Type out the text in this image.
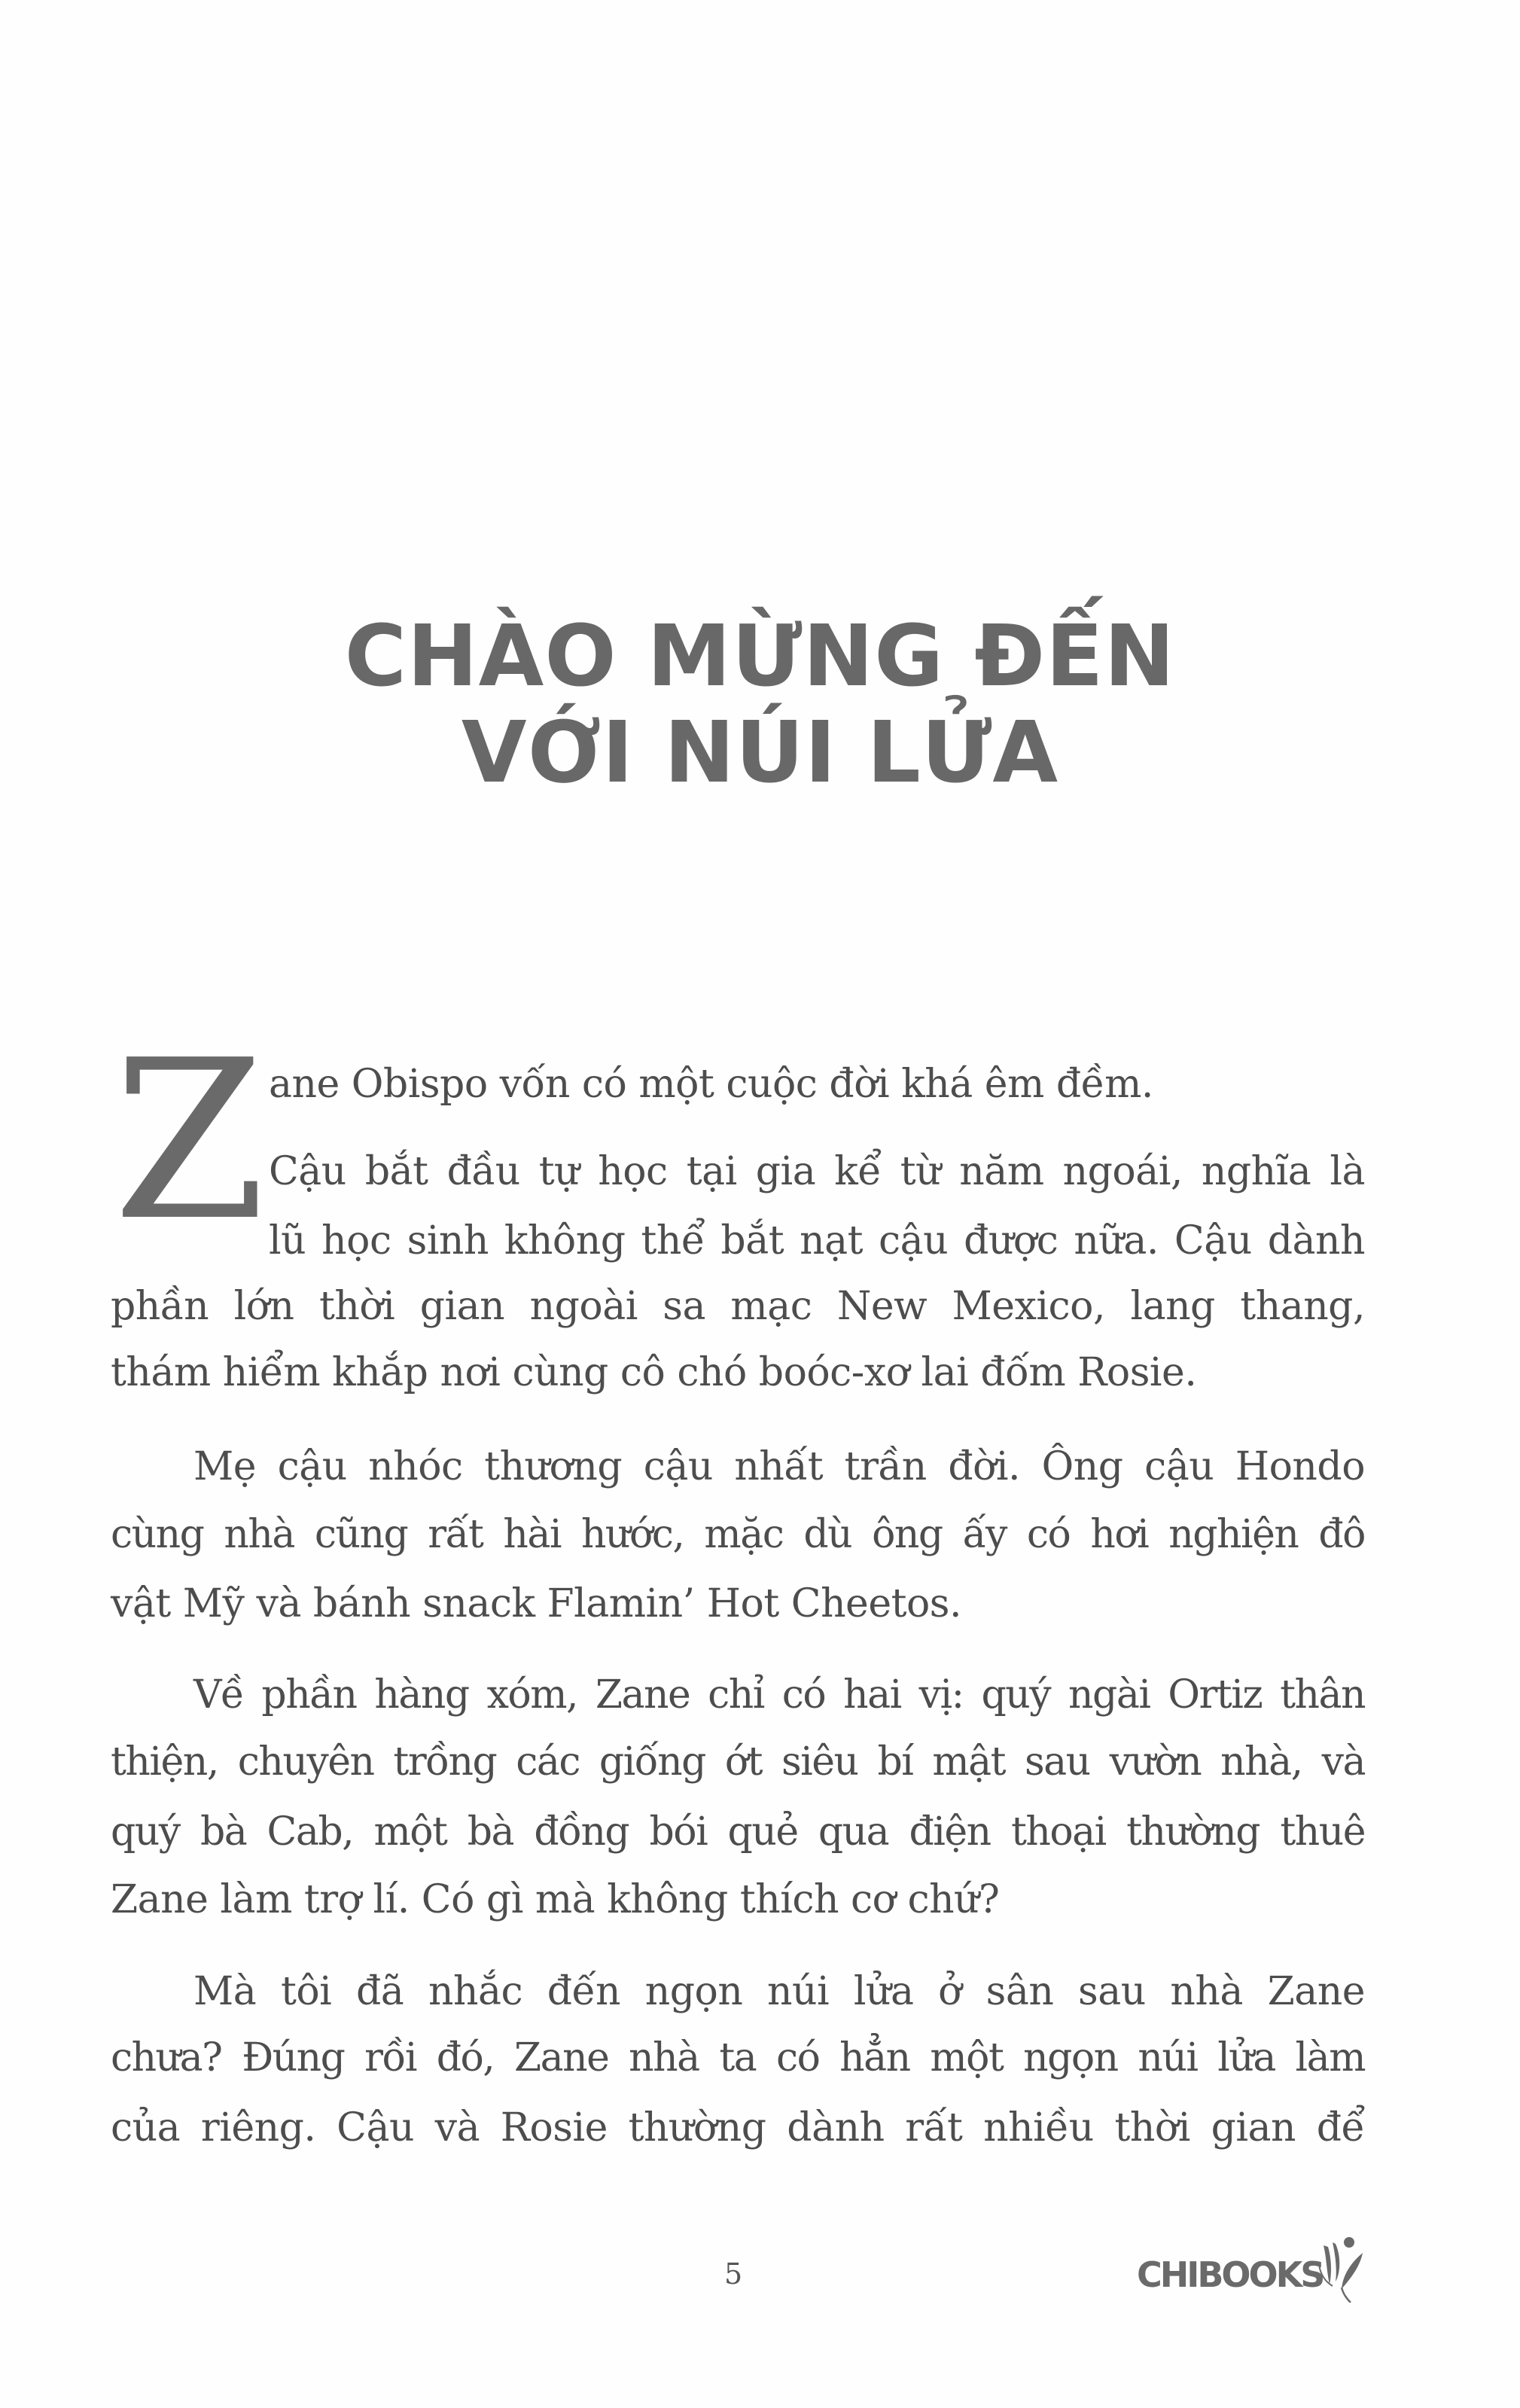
CHÀO MỪNG ĐẾN
VỚI NÚI LỬA
Z ane Obispo vốn có một cuộc đời khá êm đềm.
Cậu bắt đầu tự học tại gia kể từ năm ngoái, nghĩa là
lũ học sinh không thể bắt nạt cậu được nữa. Cậu dành
phần lớn thời gian ngoài sa mạc New Mexico, lang thang,
thám hiểm khắp nơi cùng cô chó boóc-xơ lai đốm Rosie.
Mẹ cậu nhóc thương cậu nhất trần đời. Ông cậu Hondo
cùng nhà cũng rất hài hước, mặc dù ông ấy có hơi nghiện đô
vật Mỹ và bánh snack Flamin’ Hot Cheetos.
Về phần hàng xóm, Zane chỉ có hai vị: quý ngài Ortiz thân
thiện, chuyên trồng các giống ớt siêu bí mật sau vườn nhà, và
quý bà Cab, một bà đồng bói quẻ qua điện thoại thường thuê
Zane làm trợ lí. Có gì mà không thích cơ chứ?
Mà tôi đã nhắc đến ngọn núi lửa ở sân sau nhà Zane
chưa? Đúng rồi đó, Zane nhà ta có hẳn một ngọn núi lửa làm
của riêng. Cậu và Rosie thường dành rất nhiều thời gian để
5	CHIBOOKS
